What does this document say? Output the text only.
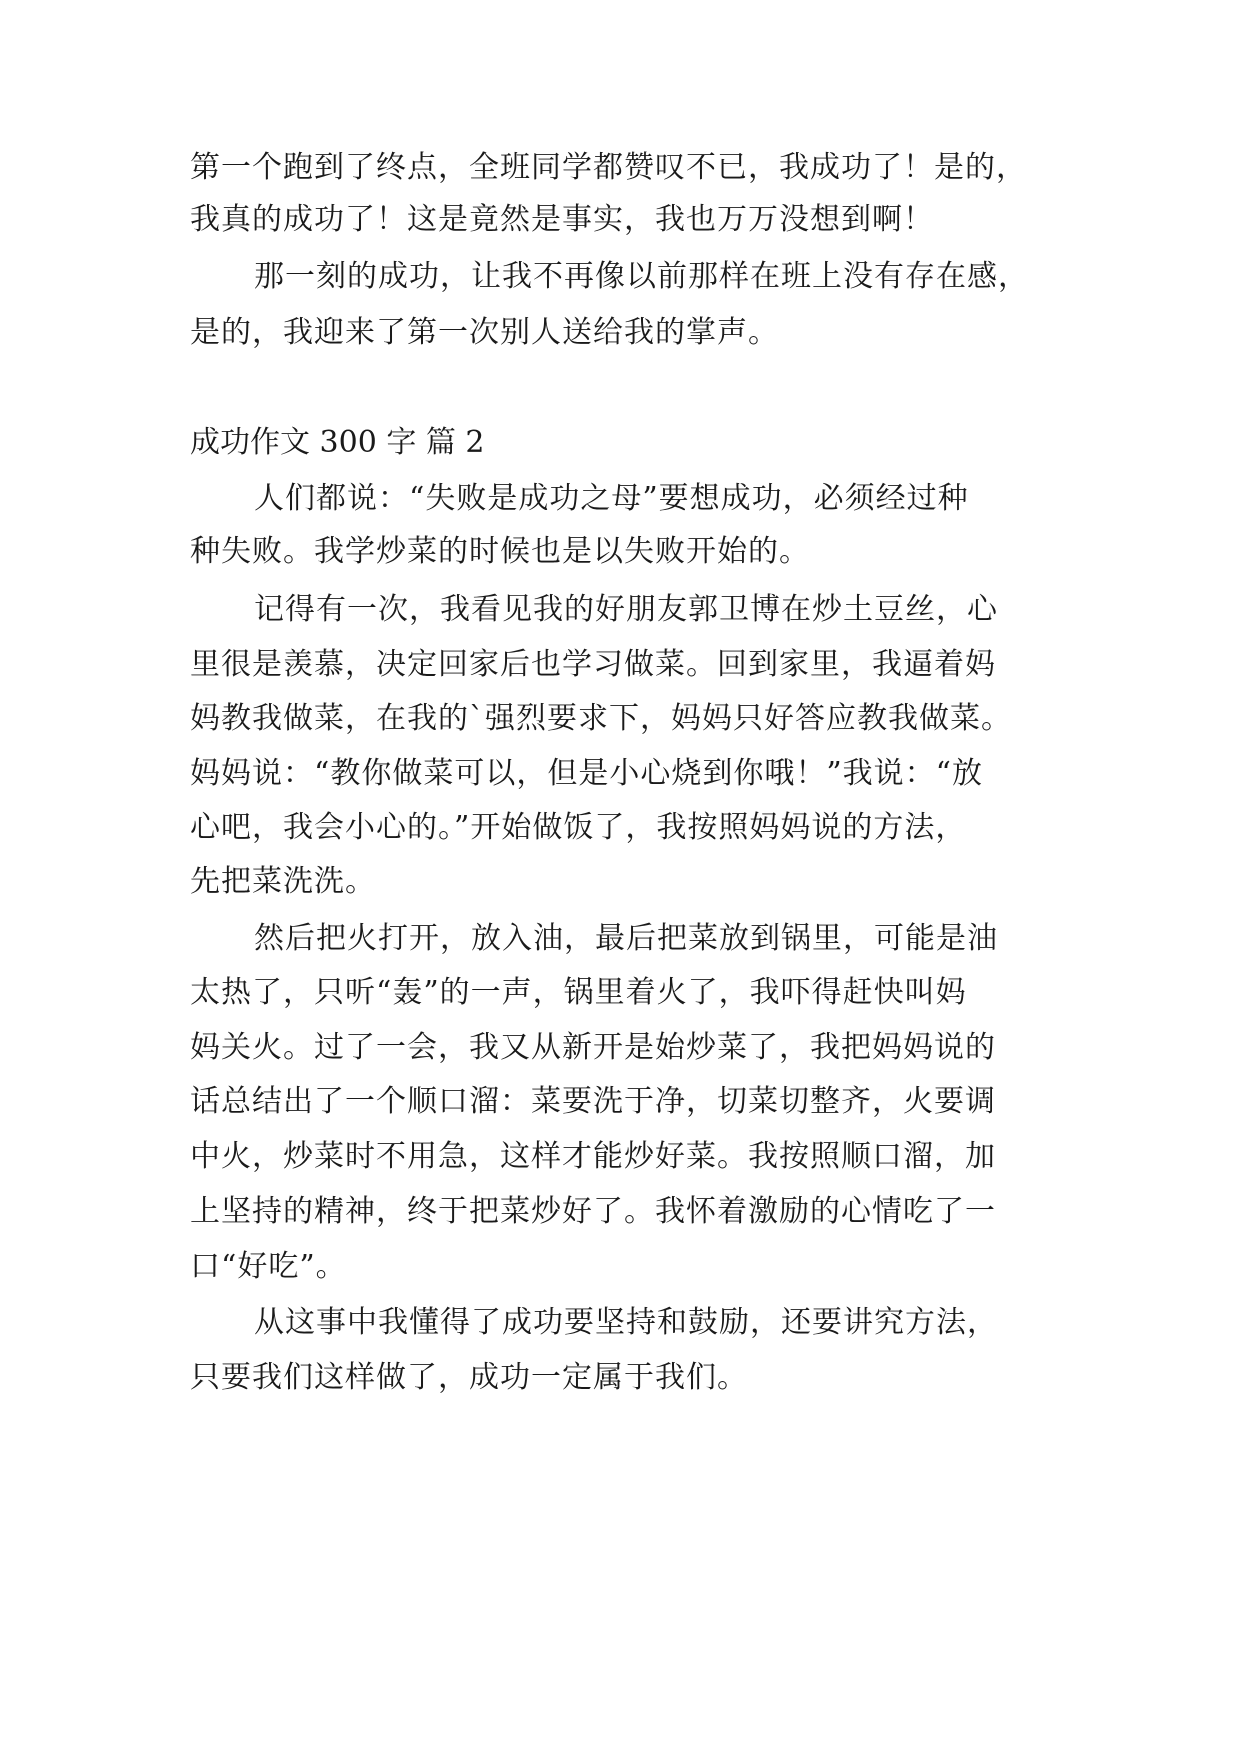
第一个跑到了终点，全班同学都赞叹不已，我成功了！是的，
我真的成功了！这是竟然是事实，我也万万没想到啊！
那一刻的成功，让我不再像以前那样在班上没有存在感，
是的，我迎来了第一次别人送给我的掌声。
成功作文 300 字 篇 2
人们都说：“失败是成功之母”要想成功，必须经过种
种失败。我学炒菜的时候也是以失败开始的。
记得有一次，我看见我的好朋友郭卫博在炒土豆丝，心
里很是羡慕，决定回家后也学习做菜。回到家里，我逼着妈
妈教我做菜，在我的`强烈要求下，妈妈只好答应教我做菜。
妈妈说：“教你做菜可以，但是小心烧到你哦！”我说：“放
心吧，我会小心的。”开始做饭了，我按照妈妈说的方法，
先把菜洗洗。
然后把火打开，放入油，最后把菜放到锅里，可能是油
太热了，只听“轰”的一声，锅里着火了，我吓得赶快叫妈
妈关火。过了一会，我又从新开是始炒菜了，我把妈妈说的
话总结出了一个顺口溜：菜要洗于净，切菜切整齐，火要调
中火，炒菜时不用急，这样才能炒好菜。我按照顺口溜，加
上坚持的精神，终于把菜炒好了。我怀着激励的心情吃了一
口“好吃”。
从这事中我懂得了成功要坚持和鼓励，还要讲究方法，
只要我们这样做了，成功一定属于我们。
